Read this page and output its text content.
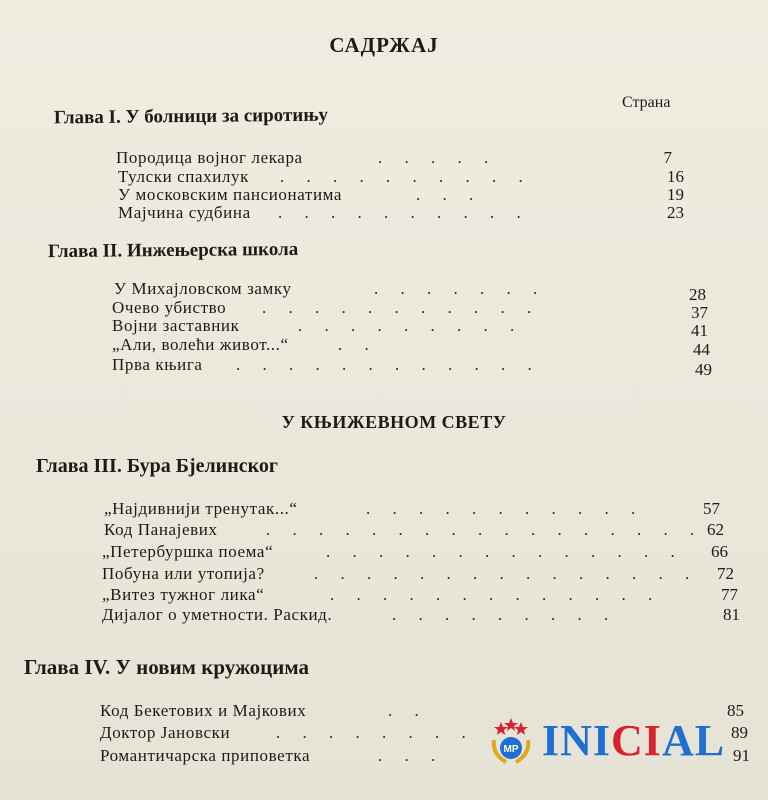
· · · · · · · · ·
· · · · · ·
САДРЖАЈ
Страна
Глава I. У болници за сиротињу
Породица војног лекара	. . . . .	7
Тулски спахилук . . . . . . . . . .	16
У московским пансионатима	. . .	19
Мајчина судбина . . . . . . . . . .	23
Глава II. Инжењерска школа
У Михајловском замку	. . . . . . .	28
Очево убиство . . . . . . . . . . .	37
Војни заставник	. . . . . . . . .	41
„Али, волећи живот...“	. .	44
Прва књига . . . . . . . . . . . .	49
У КЊИЖЕВНОМ СВЕТУ
Глава III. Бура Бјелинског
„Најдивнији тренутак...“	. . . . . . . . . . .	57
Код Панајевих	. . . . . . . . . . . . . . . . . 62
„Петербуршка поема“	. . . . . . . . . . . . . .	66
Побуна или утопија?	. . . . . . . . . . . . . . .	72
„Витез тужног лика“	. . . . . . . . . . . . .	77
Дијалог о уметности. Раскид.	. . . . . . . . .	81
Глава IV. У новим кружоцима
Код Бекетових и Мајкових	. .	85
Доктор Јановски	. . . . . . . .	89
Романтичарска приповетка	. . .	91
MP INICIAL
